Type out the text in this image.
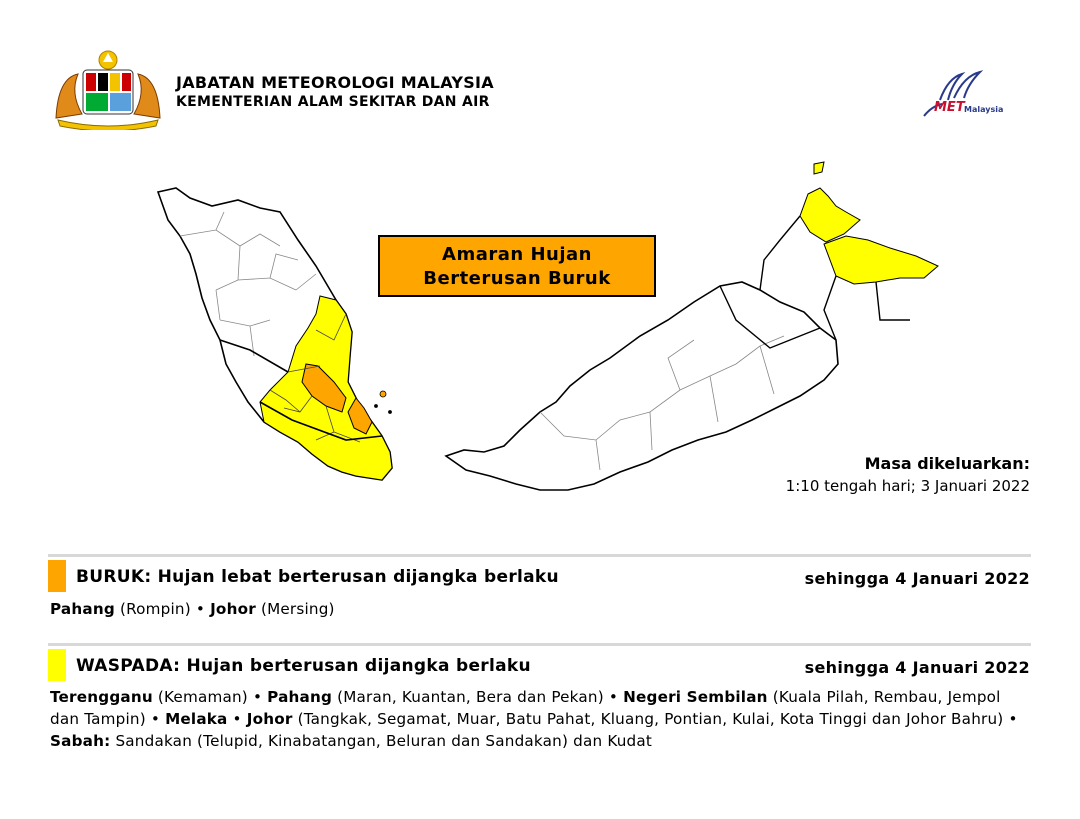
JABATAN METEOROLOGI MALAYSIA
KEMENTERIAN ALAM SEKITAR DAN AIR	MET Malaysia
Amaran Hujan
Berterusan Buruk
Masa dikeluarkan:
1:10 tengah hari; 3 Januari 2022
BURUK: Hujan lebat berterusan dijangka berlaku	sehingga 4 Januari 2022
Pahang (Rompin) • Johor (Mersing)
WASPADA: Hujan berterusan dijangka berlaku	sehingga 4 Januari 2022
Terengganu (Kemaman) • Pahang (Maran, Kuantan, Bera dan Pekan) • Negeri Sembilan (Kuala Pilah, Rembau, Jempol dan Tampin) • Melaka • Johor (Tangkak, Segamat, Muar, Batu Pahat, Kluang, Pontian, Kulai, Kota Tinggi dan Johor Bahru) • Sabah: Sandakan (Telupid, Kinabatangan, Beluran dan Sandakan) dan Kudat
